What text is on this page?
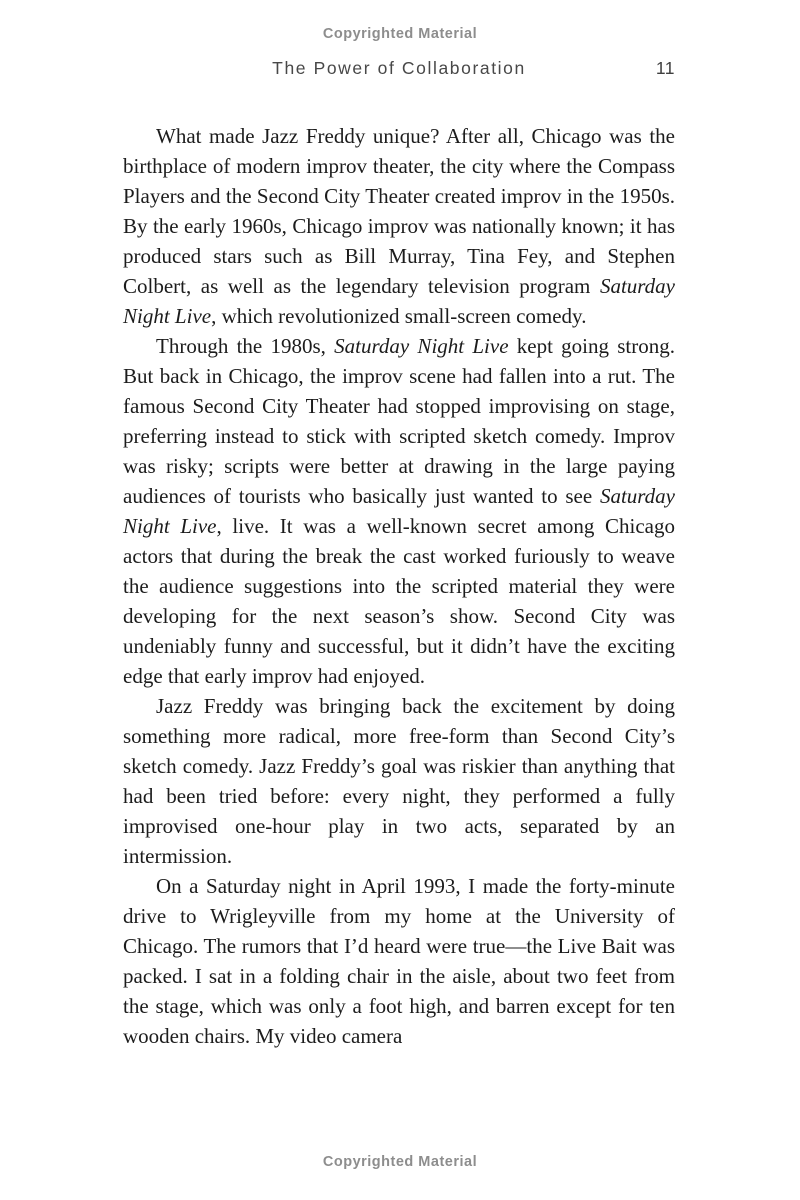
Copyrighted Material
The Power of Collaboration	11

What made Jazz Freddy unique? After all, Chicago was the birthplace of modern improv theater, the city where the Compass Players and the Second City Theater created improv in the 1950s. By the early 1960s, Chicago improv was nationally known; it has produced stars such as Bill Murray, Tina Fey, and Stephen Colbert, as well as the legendary television program Saturday Night Live, which revolutionized small-screen comedy.

Through the 1980s, Saturday Night Live kept going strong. But back in Chicago, the improv scene had fallen into a rut. The famous Second City Theater had stopped improvising on stage, preferring instead to stick with scripted sketch comedy. Improv was risky; scripts were better at drawing in the large paying audiences of tourists who basically just wanted to see Saturday Night Live, live. It was a well-known secret among Chicago actors that during the break the cast worked furiously to weave the audience suggestions into the scripted material they were developing for the next season’s show. Second City was undeniably funny and successful, but it didn’t have the exciting edge that early improv had enjoyed.

Jazz Freddy was bringing back the excitement by doing something more radical, more free-form than Second City’s sketch comedy. Jazz Freddy’s goal was riskier than anything that had been tried before: every night, they performed a fully improvised one-hour play in two acts, separated by an intermission.

On a Saturday night in April 1993, I made the forty-minute drive to Wrigleyville from my home at the University of Chicago. The rumors that I’d heard were true—the Live Bait was packed. I sat in a folding chair in the aisle, about two feet from the stage, which was only a foot high, and barren except for ten wooden chairs. My video camera

Copyrighted Material
